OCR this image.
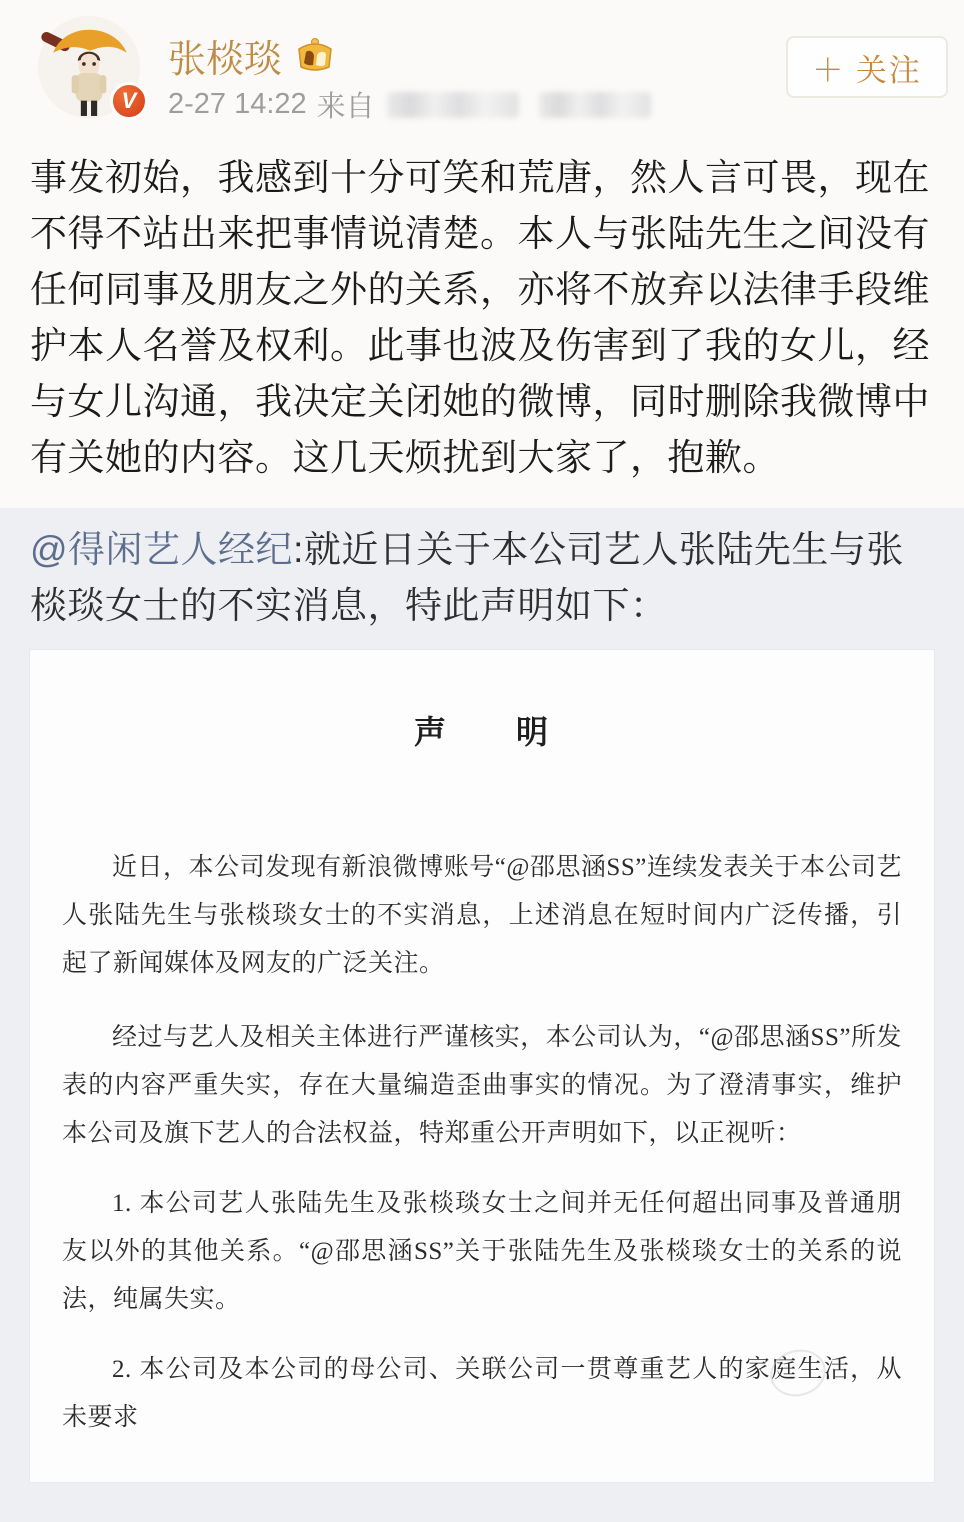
V
张棪琰
2-27 14:22 来自
＋ 关注
事发初始，我感到十分可笑和荒唐，然人言可畏，现在不得不站出来把事情说清楚。本人与张陆先生之间没有任何同事及朋友之外的关系，亦将不放弃以法律手段维护本人名誉及权利。此事也波及伤害到了我的女儿，经与女儿沟通，我决定关闭她的微博，同时删除我微博中有关她的内容。这几天烦扰到大家了，抱歉。
@得闲艺人经纪:就近日关于本公司艺人张陆先生与张棪琰女士的不实消息，特此声明如下：
声　　明

近日，本公司发现有新浪微博账号“@邵思涵SS”连续发表关于本公司艺人张陆先生与张棪琰女士的不实消息，上述消息在短时间内广泛传播，引起了新闻媒体及网友的广泛关注。

经过与艺人及相关主体进行严谨核实，本公司认为，“@邵思涵SS”所发表的内容严重失实，存在大量编造歪曲事实的情况。为了澄清事实，维护本公司及旗下艺人的合法权益，特郑重公开声明如下，以正视听：

1. 本公司艺人张陆先生及张棪琰女士之间并无任何超出同事及普通朋友以外的其他关系。“@邵思涵SS”关于张陆先生及张棪琰女士的关系的说法，纯属失实。

2. 本公司及本公司的母公司、关联公司一贯尊重艺人的家庭生活，从未要求
